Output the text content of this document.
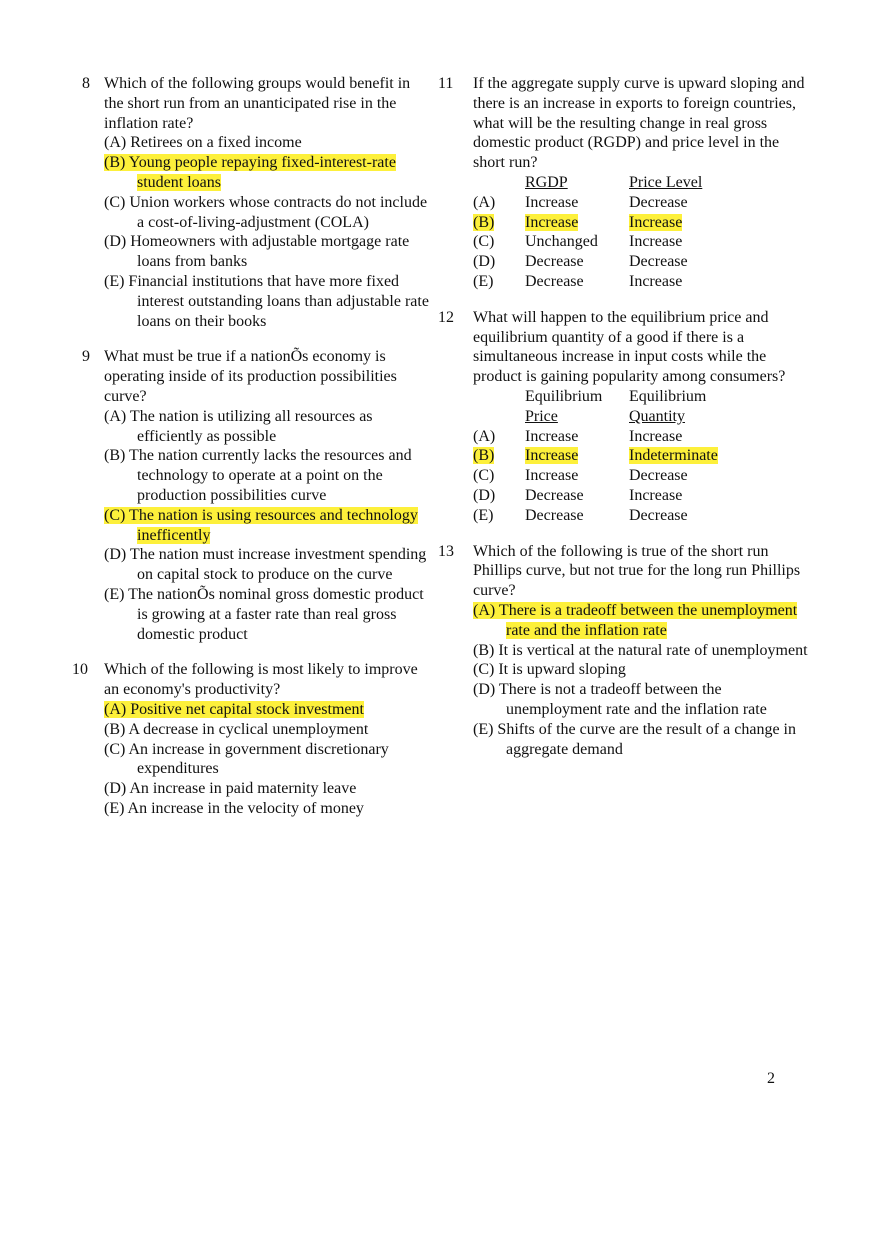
8 Which of the following groups would benefit in the short run from an unanticipated rise in the inflation rate?
(A) Retirees on a fixed income
(B) Young people repaying fixed-interest-rate student loans
(C) Union workers whose contracts do not include a cost-of-living-adjustment (COLA)
(D) Homeowners with adjustable mortgage rate loans from banks
(E) Financial institutions that have more fixed interest outstanding loans than adjustable rate loans on their books
9 What must be true if a nationÕs economy is operating inside of its production possibilities curve?
(A) The nation is utilizing all resources as efficiently as possible
(B) The nation currently lacks the resources and technology to operate at a point on the production possibilities curve
(C) The nation is using resources and technology inefficently
(D) The nation must increase investment spending on capital stock to produce on the curve
(E) The nationÕs nominal gross domestic product is growing at a faster rate than real gross domestic product
10	Which of the following is most likely to improve an economy's productivity?
(A) Positive net capital stock investment
(B) A decrease in cyclical unemployment
(C) An increase in government discretionary expenditures
(D) An increase in paid maternity leave
(E) An increase in the velocity of money
11	If the aggregate supply curve is upward sloping and there is an increase in exports to foreign countries, what will be the resulting change in real gross domestic product (RGDP) and price level in the short run?
	RGDP	Price Level
(A)	Increase	Decrease
(B)	Increase	Increase
(C)	Unchanged	Increase
(D)	Decrease	Decrease
(E)	Decrease	Increase
12	What will happen to the equilibrium price and equilibrium quantity of a good if there is a simultaneous increase in input costs while the product is gaining popularity among consumers?
	Equilibrium	Equilibrium
	Price	Quantity
(A)	Increase	Increase
(B)	Increase	Indeterminate
(C)	Increase	Decrease
(D)	Decrease	Increase
(E)	Decrease	Decrease
13	Which of the following is true of the short run Phillips curve, but not true for the long run Phillips curve?
(A) There is a tradeoff between the unemployment rate and the inflation rate
(B) It is vertical at the natural rate of unemployment
(C) It is upward sloping
(D) There is not a tradeoff between the unemployment rate and the inflation rate
(E) Shifts of the curve are the result of a change in aggregate demand
2
